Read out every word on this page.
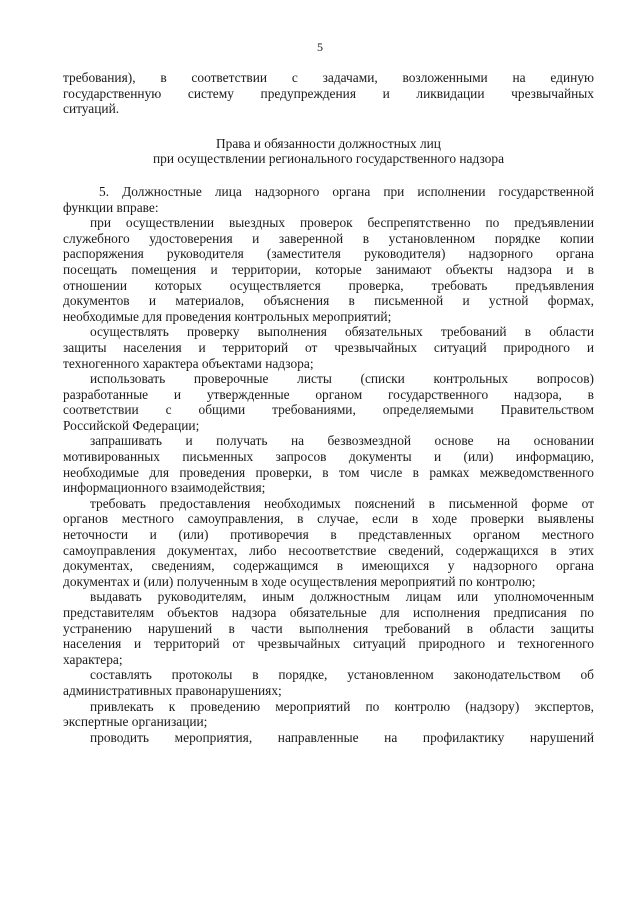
5
требования), в соответствии с задачами, возложенными на единую
государственную систему предупреждения и ликвидации чрезвычайных
ситуаций.
Права и обязанности должностных лиц
при осуществлении регионального государственного надзора
5. Должностные лица надзорного органа при исполнении государственной
функции вправе:
при осуществлении выездных проверок беспрепятственно по предъявлении
служебного удостоверения и заверенной в установленном порядке копии
распоряжения руководителя (заместителя руководителя) надзорного органа
посещать помещения и территории, которые занимают объекты надзора и в
отношении которых осуществляется проверка, требовать предъявления
документов и материалов, объяснения в письменной и устной формах,
необходимые для проведения контрольных мероприятий;
осуществлять проверку выполнения обязательных требований в области
защиты населения и территорий от чрезвычайных ситуаций природного и
техногенного характера объектами надзора;
использовать проверочные листы (списки контрольных вопросов)
разработанные и утвержденные органом государственного надзора, в
соответствии с общими требованиями, определяемыми Правительством
Российской Федерации;
запрашивать и получать на безвозмездной основе на основании
мотивированных письменных запросов документы и (или) информацию,
необходимые для проведения проверки, в том числе в рамках межведомственного
информационного взаимодействия;
требовать предоставления необходимых пояснений в письменной форме от
органов местного самоуправления, в случае, если в ходе проверки выявлены
неточности и (или) противоречия в представленных органом местного
самоуправления документах, либо несоответствие сведений, содержащихся в этих
документах, сведениям, содержащимся в имеющихся у надзорного органа
документах и (или) полученным в ходе осуществления мероприятий по контролю;
выдавать руководителям, иным должностным лицам или уполномоченным
представителям объектов надзора обязательные для исполнения предписания по
устранению нарушений в части выполнения требований в области защиты
населения и территорий от чрезвычайных ситуаций природного и техногенного
характера;
составлять протоколы в порядке, установленном законодательством об
административных правонарушениях;
привлекать к проведению мероприятий по контролю (надзору) экспертов,
экспертные организации;
проводить мероприятия, направленные на профилактику нарушений
